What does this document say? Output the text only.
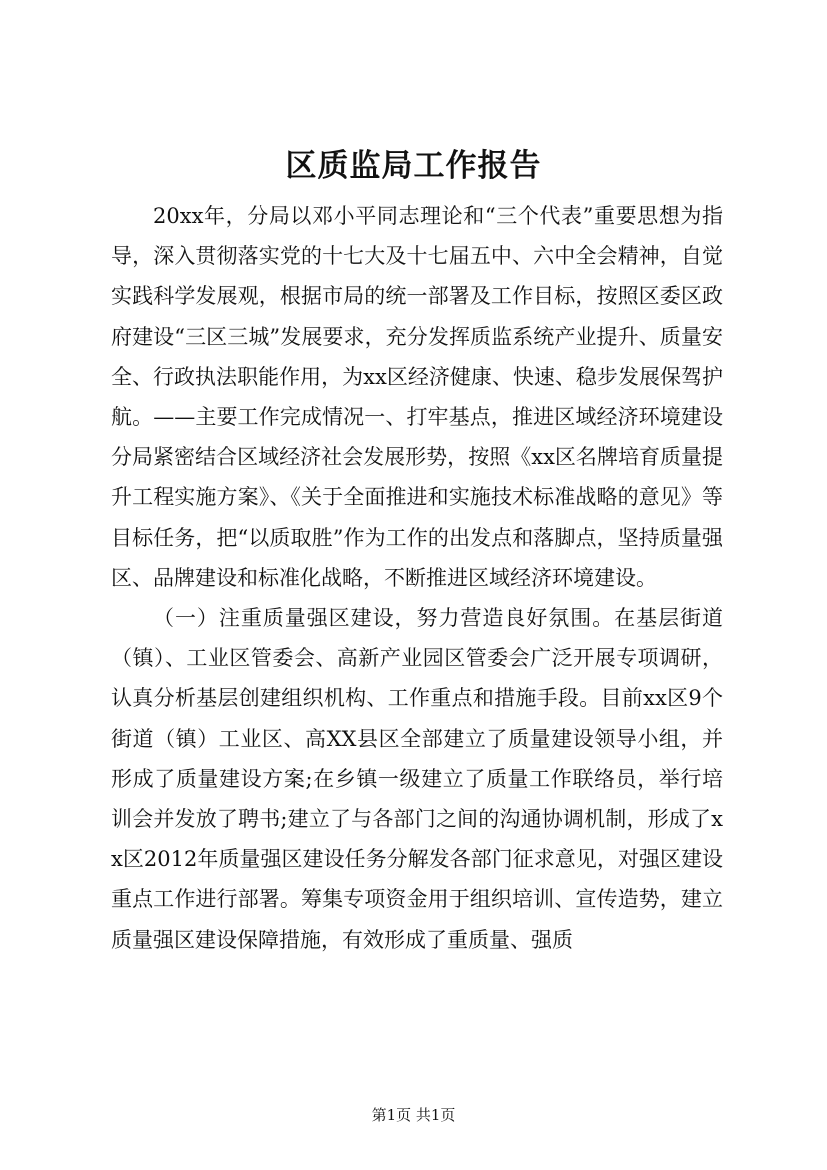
区质监局工作报告

20xx年，分局以邓小平同志理论和“三个代表”重要思想为指导，深入贯彻落实党的十七大及十七届五中、六中全会精神，自觉实践科学发展观，根据市局的统一部署及工作目标，按照区委区政府建设“三区三城”发展要求，充分发挥质监系统产业提升、质量安全、行政执法职能作用，为xx区经济健康、快速、稳步发展保驾护航。——主要工作完成情况一、打牢基点，推进区域经济环境建设分局紧密结合区域经济社会发展形势，按照《xx区名牌培育质量提升工程实施方案》、《关于全面推进和实施技术标准战略的意见》等目标任务，把“以质取胜”作为工作的出发点和落脚点，坚持质量强区、品牌建设和标准化战略，不断推进区域经济环境建设。

（一）注重质量强区建设，努力营造良好氛围。在基层街道（镇）、工业区管委会、高新产业园区管委会广泛开展专项调研，认真分析基层创建组织机构、工作重点和措施手段。目前xx区9个街道（镇）工业区、高XX县区全部建立了质量建设领导小组，并形成了质量建设方案;在乡镇一级建立了质量工作联络员，举行培训会并发放了聘书;建立了与各部门之间的沟通协调机制，形成了xx区2012年质量强区建设任务分解发各部门征求意见，对强区建设重点工作进行部署。筹集专项资金用于组织培训、宣传造势，建立质量强区建设保障措施，有效形成了重质量、强质

第1页 共1页
